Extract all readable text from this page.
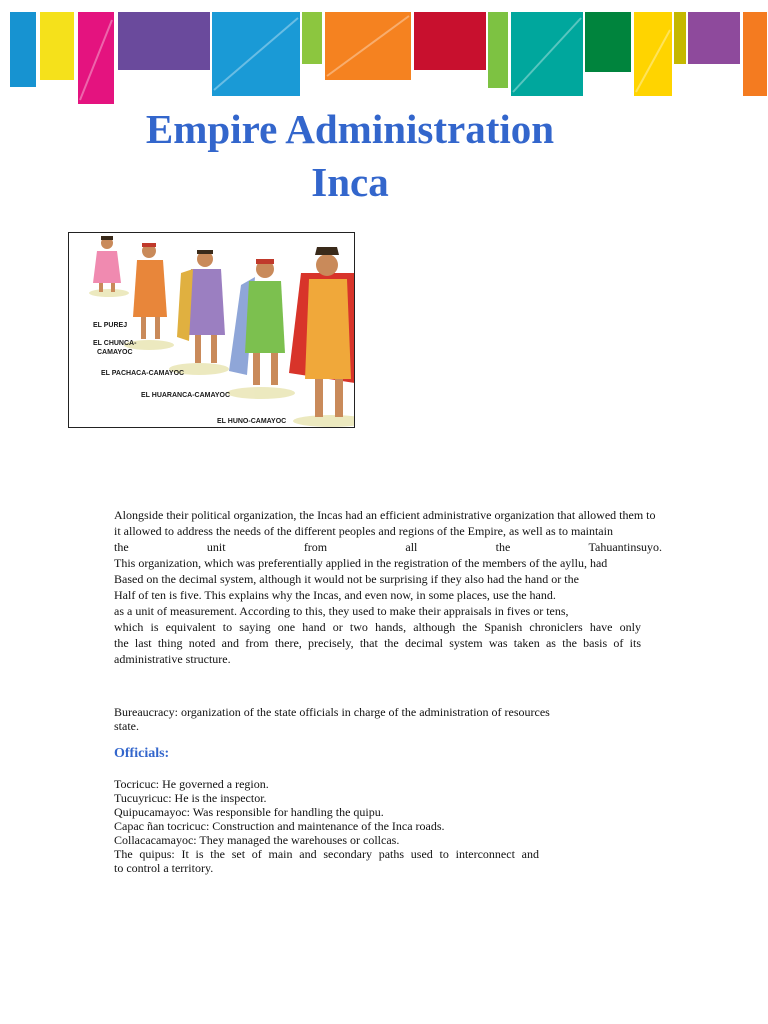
Empire Administration
Inca
EL PUREJ
EL CHUNCA-
CAMAYOC
EL PACHACA-CAMAYOC
EL HUARANCA-CAMAYOC
EL HUNO-CAMAYOC
Alongside their political organization, the Incas had an efficient administrative organization that allowed them to
it allowed to address the needs of the different peoples and regions of the Empire, as well as to maintain
the	unit	from	all	the	Tahuantinsuyo.
This organization, which was preferentially applied in the registration of the members of the ayllu, had
Based on the decimal system, although it would not be surprising if they also had the hand or the
Half of ten is five. This explains why the Incas, and even now, in some places, use the hand.
as a unit of measurement. According to this, they used to make their appraisals in fives or tens,
which is equivalent to saying one hand or two hands, although the Spanish chroniclers have only
the last thing noted and from there, precisely, that the decimal system was taken as the basis of its
administrative structure.
Bureaucracy: organization of the state officials in charge of the administration of resources
state.
Officials:
Tocricuc: He governed a region.
Tucuyricuc: He is the inspector.
Quipucamayoc: Was responsible for handling the quipu.
Capac ñan tocricuc: Construction and maintenance of the Inca roads.
Collacacamayoc: They managed the warehouses or collcas.
The quipus: It is the set of main and secondary paths used to interconnect and
to control a territory.
